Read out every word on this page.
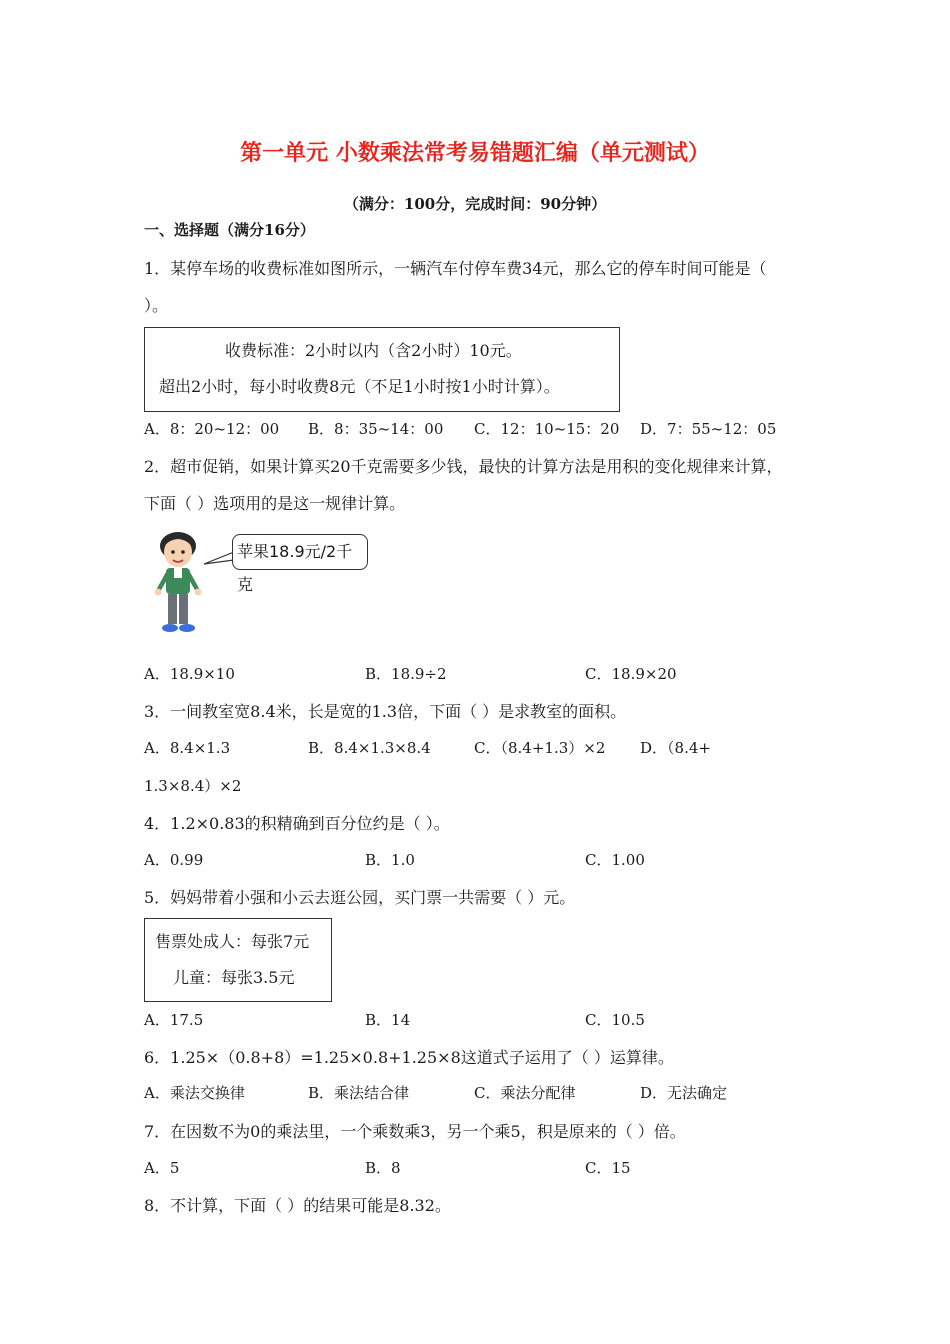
第一单元 小数乘法常考易错题汇编（单元测试）
（满分：100分，完成时间：90分钟）
一、选择题（满分16分）
1．某停车场的收费标准如图所示，一辆汽车付停车费34元，那么它的停车时间可能是（
）。
收费标准：2小时以内（含2小时）10元。
超出2小时，每小时收费8元（不足1小时按1小时计算）。
A．8：20~12：00 B．8：35~14：00 C．12：10~15：20 D．7：55~12：05
2．超市促销，如果计算买20千克需要多少钱，最快的计算方法是用积的变化规律来计算，
下面（ ）选项用的是这一规律计算。
苹果18.9元/2千克
A．18.9×10	B．18.9÷2	C．18.9×20
3．一间教室宽8.4米，长是宽的1.3倍，下面（ ）是求教室的面积。
A．8.4×1.3	B．8.4×1.3×8.4	C．（8.4+1.3）×2 D．（8.4+
1.3×8.4）×2
4．1.2×0.83的积精确到百分位约是（ ）。
A．0.99	B．1.0	C．1.00
5．妈妈带着小强和小云去逛公园，买门票一共需要（ ）元。
售票处成人：每张7元
儿童：每张3.5元
A．17.5	B．14	C．10.5
6．1.25×（0.8+8）=1.25×0.8+1.25×8这道式子运用了（ ）运算律。
A．乘法交换律	B．乘法结合律	C．乘法分配律	D．无法确定
7．在因数不为0的乘法里，一个乘数乘3，另一个乘5，积是原来的（ ）倍。
A．5	B．8	C．15
8．不计算，下面（ ）的结果可能是8.32。
